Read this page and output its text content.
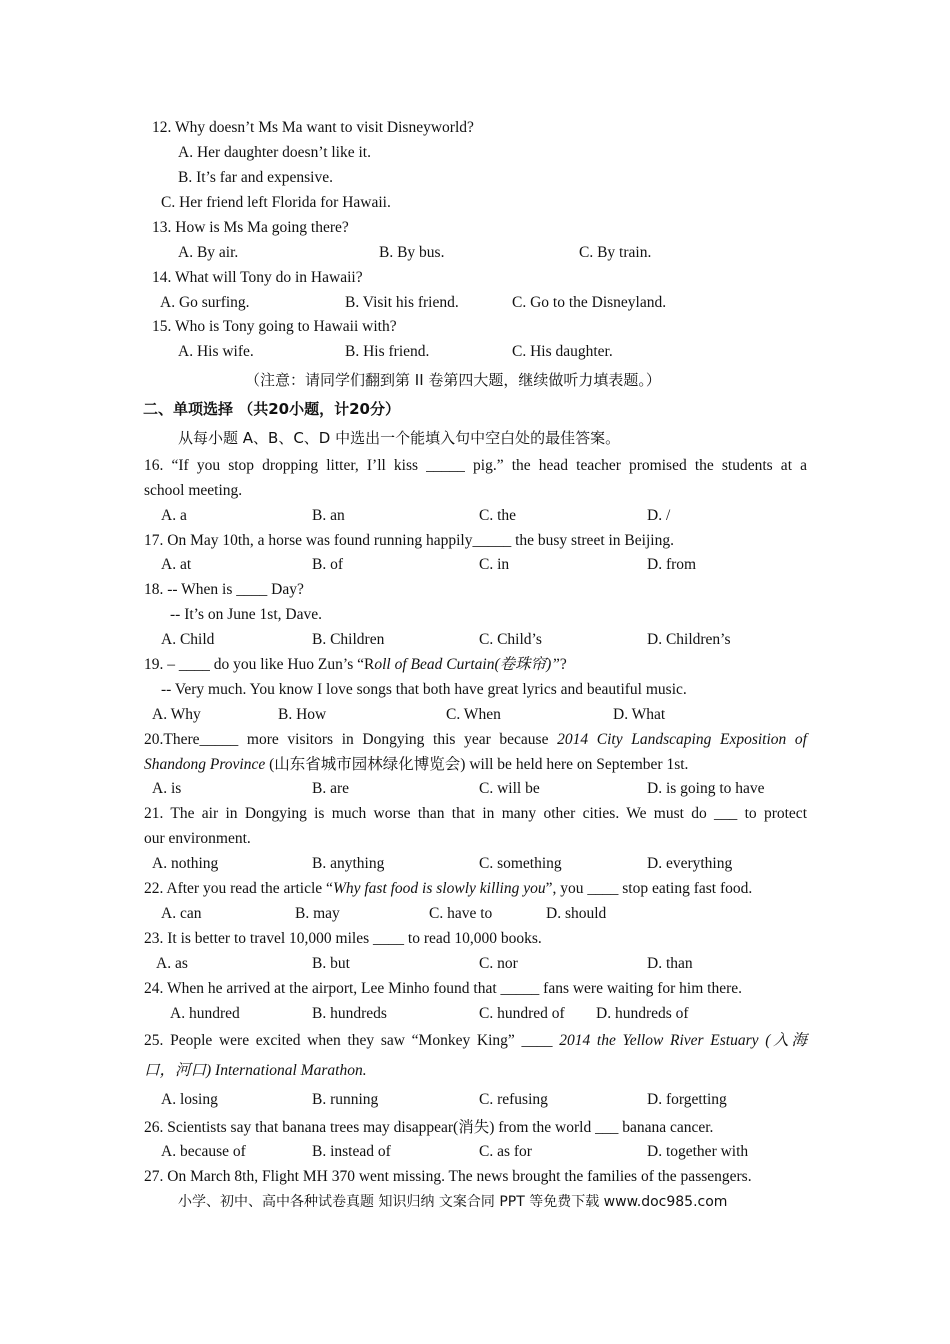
12. Why doesn’t Ms Ma want to visit Disneyworld?
A. Her daughter doesn’t like it.
B. It’s far and expensive.
C. Her friend left Florida for Hawaii.
13. How is Ms Ma going there?
A. By air.	B. By bus.	C. By train.
14. What will Tony do in Hawaii?
A. Go surfing.	B. Visit his friend.	C. Go to the Disneyland.
15. Who is Tony going to Hawaii with?
A. His wife.	B. His friend.	C. His daughter.
（注意：请同学们翻到第 II 卷第四大题，继续做听力填表题。）
二、单项选择 （共20小题，计20分）
从每小题 A、B、C、D 中选出一个能填入句中空白处的最佳答案。
16. “If you stop dropping litter, I’ll kiss _____ pig.” the head teacher promised the students at a
school meeting.
A. a	B. an	C. the	D. /
17. On May 10th, a horse was found running happily_____ the busy street in Beijing.
A. at	B. of	C. in	D. from
18. -- When is ____ Day?
-- It’s on June 1st, Dave.
A. Child	B. Children	C. Child’s	D. Children’s
19. – ____ do you like Huo Zun’s “Roll of Bead Curtain(卷珠帘)”?
-- Very much. You know I love songs that both have great lyrics and beautiful music.
A. Why	B. How	C. When	D. What
20.There_____ more visitors in Dongying this year because 2014 City Landscaping Exposition of
Shandong Province (山东省城市园林绿化博览会) will be held here on September 1st.
A. is	B. are	C. will be	D. is going to have
21. The air in Dongying is much worse than that in many other cities. We must do ___ to protect
our environment.
A. nothing	B. anything	C. something	D. everything
22. After you read the article “Why fast food is slowly killing you”, you ____ stop eating fast food.
A. can	B. may	C. have to	D. should
23. It is better to travel 10,000 miles ____ to read 10,000 books.
A. as	B. but	C. nor	D. than
24. When he arrived at the airport, Lee Minho found that _____ fans were waiting for him there.
A. hundred	B. hundreds	C. hundred of D. hundreds of
25. People were excited when they saw “Monkey King” ____ 2014 the Yellow River Estuary (入海
口，河口) International Marathon.
A. losing	B. running	C. refusing	D. forgetting
26. Scientists say that banana trees may disappear(消失) from the world ___ banana cancer.
A. because of	B. instead of	C. as for	D. together with
27. On March 8th, Flight MH 370 went missing. The news brought the families of the passengers.
小学、初中、高中各种试卷真题 知识归纳 文案合同 PPT 等免费下载 www.doc985.com
